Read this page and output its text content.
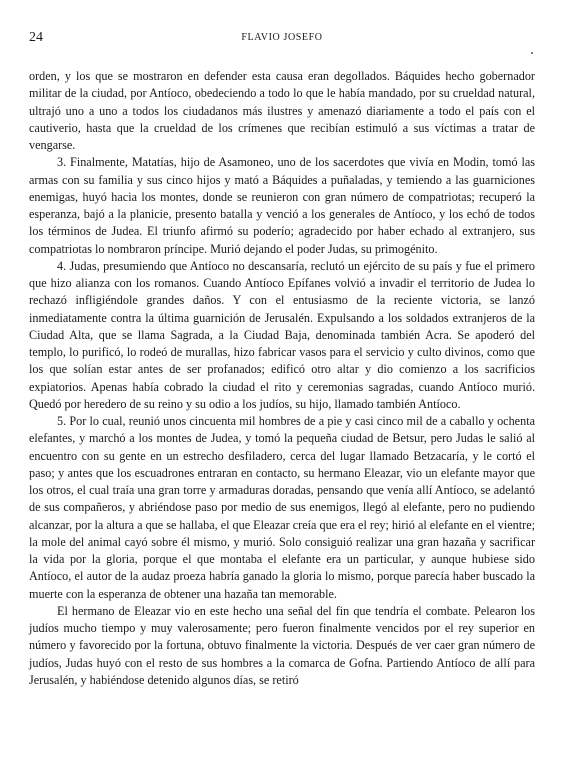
24	FLAVIO JOSEFO

orden, y los que se mostraron en defender esta causa eran degollados. Báquides hecho gobernador militar de la ciudad, por Antíoco, obedeciendo a todo lo que le había mandado, por su crueldad natural, ultrajó uno a uno a todos los ciudadanos más ilustres y amenazó diariamente a todo el país con el cautiverio, hasta que la crueldad de los crímenes que recibían estimuló a sus víctimas a tratar de vengarse.

3. Finalmente, Matatías, hijo de Asamoneo, uno de los sacerdotes que vivía en Modin, tomó las armas con su familia y sus cinco hijos y mató a Báquides a puñaladas, y temiendo a las guarniciones enemigas, huyó hacia los montes, donde se reunieron con gran número de compatriotas; recuperó la esperanza, bajó a la planicie, presento batalla y venció a los generales de Antíoco, y los echó de todos los términos de Judea. El triunfo afirmó su poderío; agradecido por haber echado al extranjero, sus compatriotas lo nombraron príncipe. Murió dejando el poder Judas, su primogénito.

4. Judas, presumiendo que Antíoco no descansaría, reclutó un ejército de su país y fue el primero que hizo alianza con los romanos. Cuando Antíoco Epífanes volvió a invadir el territorio de Judea lo rechazó infligiéndole grandes daños. Y con el entusiasmo de la reciente victoria, se lanzó inmediatamente contra la última guarnición de Jerusalén. Expulsando a los soldados extranjeros de la Ciudad Alta, que se llama Sagrada, a la Ciudad Baja, denominada también Acra. Se apoderó del templo, lo purificó, lo rodeó de murallas, hizo fabricar vasos para el servicio y culto divinos, como que los que solían estar antes de ser profanados; edificó otro altar y dio comienzo a los sacrificios expiatorios. Apenas había cobrado la ciudad el rito y ceremonias sagradas, cuando Antíoco murió. Quedó por heredero de su reino y su odio a los judíos, su hijo, llamado también Antíoco.

5. Por lo cual, reunió unos cincuenta mil hombres de a pie y casi cinco mil de a caballo y ochenta elefantes, y marchó a los montes de Judea, y tomó la pequeña ciudad de Betsur, pero Judas le salió al encuentro con su gente en un estrecho desfiladero, cerca del lugar llamado Betzacaría, y le cortó el paso; y antes que los escuadrones entraran en contacto, su hermano Eleazar, vio un elefante mayor que los otros, el cual traía una gran torre y armaduras doradas, pensando que venía allí Antíoco, se adelantó de sus compañeros, y abriéndose paso por medio de sus enemigos, llegó al elefante, pero no pudiendo alcanzar, por la altura a que se hallaba, el que Eleazar creía que era el rey; hirió al elefante en el vientre; la mole del animal cayó sobre él mismo, y murió. Solo consiguió realizar una gran hazaña y sacrificar la vida por la gloria, porque el que montaba el elefante era un particular, y aunque hubiese sido Antíoco, el autor de la audaz proeza habría ganado la gloria lo mismo, porque parecía haber buscado la muerte con la esperanza de obtener una hazaña tan memorable.

El hermano de Eleazar vio en este hecho una señal del fin que tendría el combate. Pelearon los judíos mucho tiempo y muy valerosamente; pero fueron finalmente vencidos por el rey superior en número y favorecido por la fortuna, obtuvo finalmente la victoria. Después de ver caer gran número de judíos, Judas huyó con el resto de sus hombres a la comarca de Gofna. Partiendo Antíoco de allí para Jerusalén, y habiéndose detenido algunos días, se retiró
